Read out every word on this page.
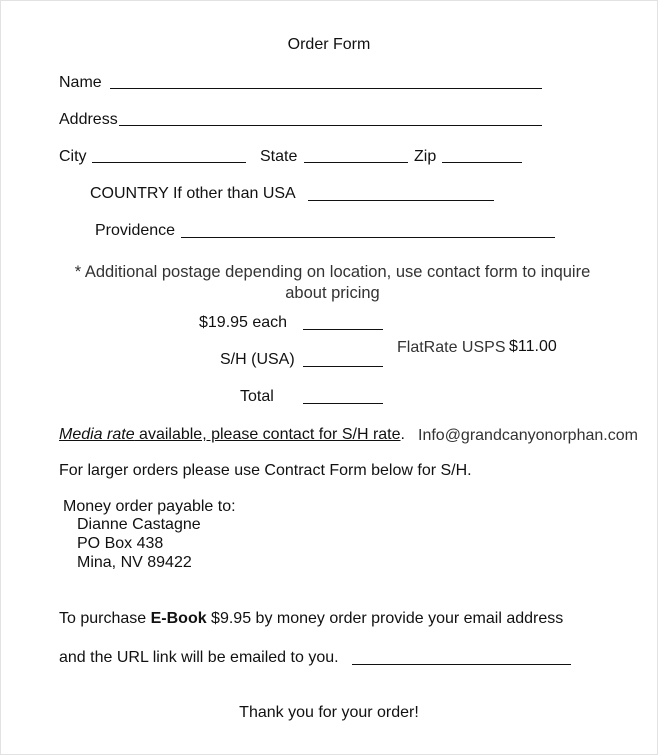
Order Form
Name
Address
City	State	Zip
COUNTRY If other than USA
Providence
* Additional postage depending on location, use contact form to inquire about pricing
$19.95 each
S/H (USA)
FlatRate USPS $11.00
Total
Media rate available, please contact for S/H rate. Info@grandcanyonorphan.com
For larger orders please use Contract Form below for S/H.
Money order payable to:
Dianne Castagne
PO Box 438
Mina, NV 89422
To purchase E-Book $9.95 by money order provide your email address
and the URL link will be emailed to you.
Thank you for your order!
